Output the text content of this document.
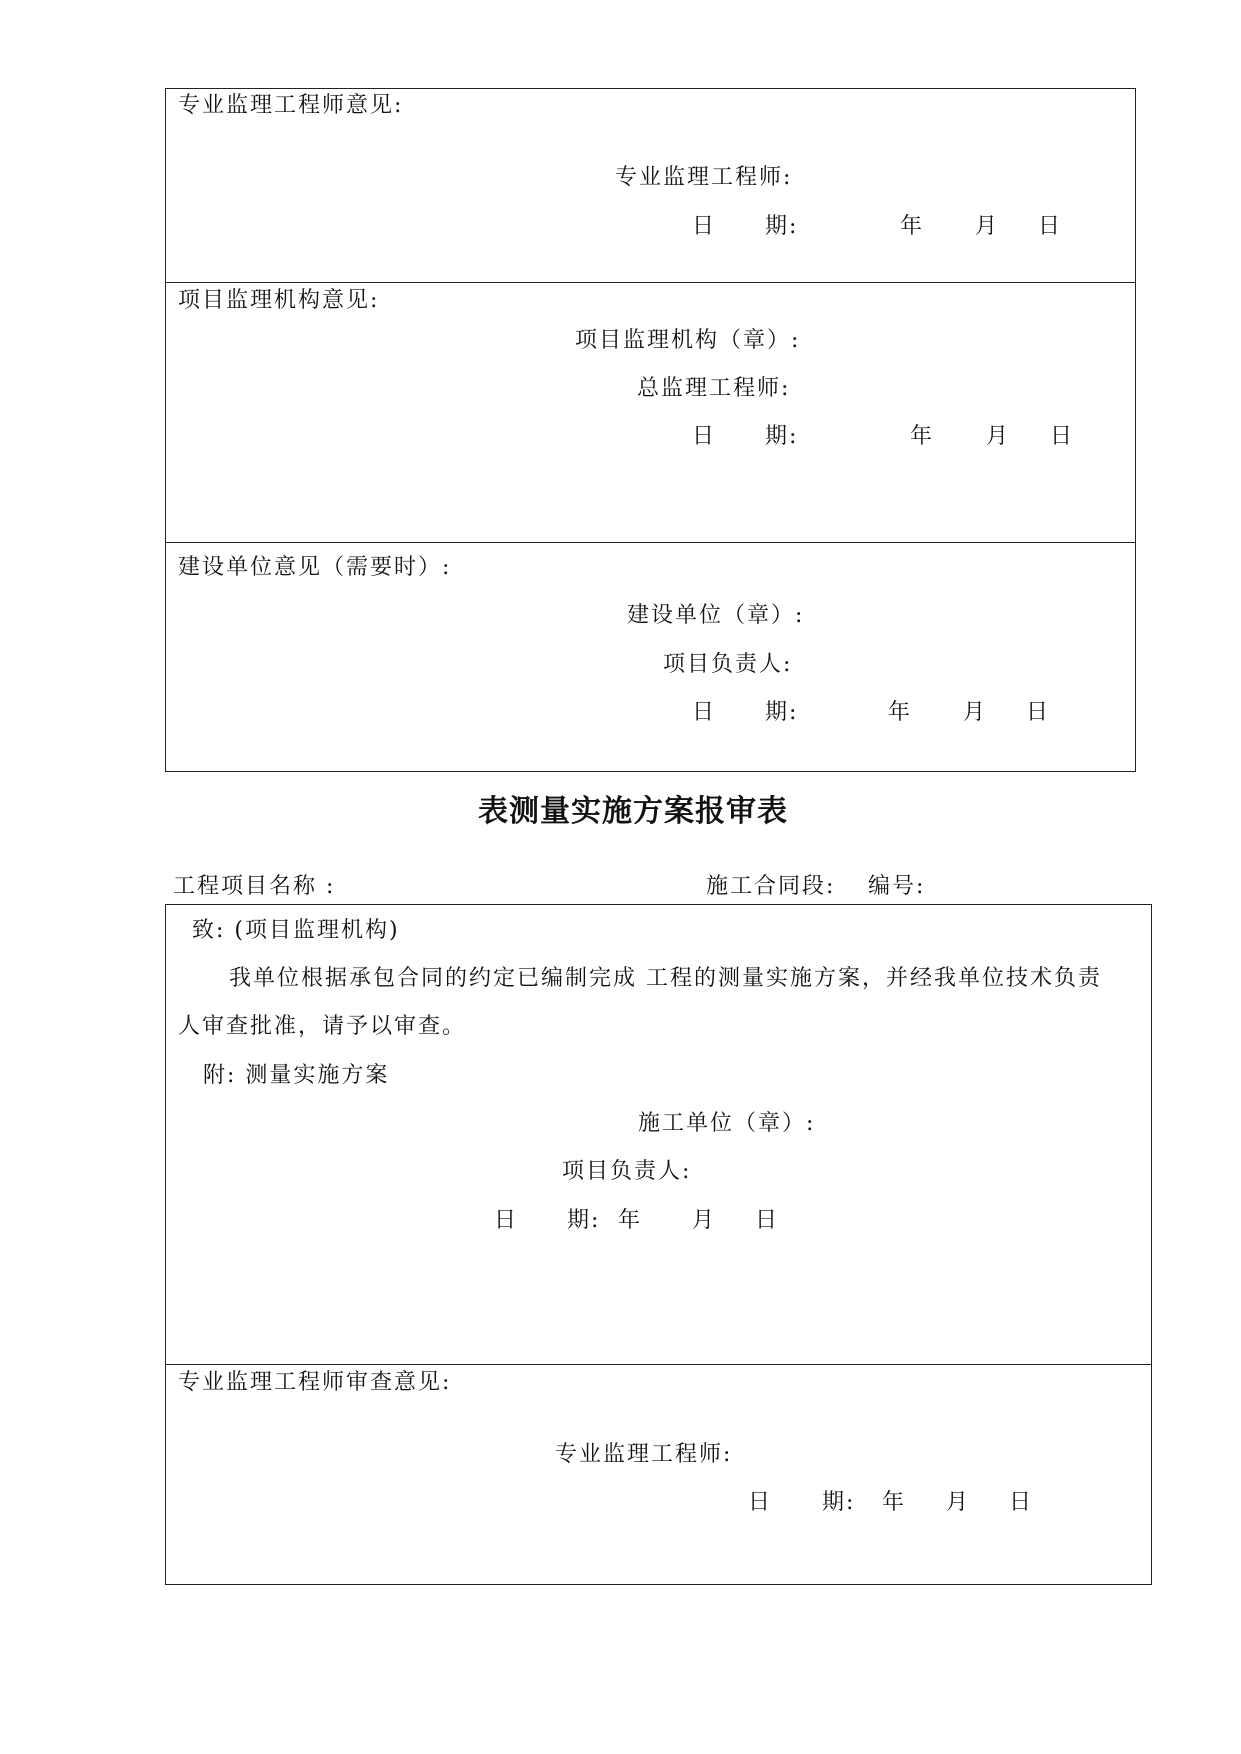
专业监理工程师意见:
专业监理工程师:
日 期:	年 月 日
项目监理机构意见:
项目监理机构（章）:
总监理工程师:
日 期:	年 月 日
建设单位意见（需要时）:
建设单位（章）:
项目负责人:
日 期:	年 月 日
表测量实施方案报审表
工程项目名称 :	施工合同段: 编号:
致: (项目监理机构)
我单位根据承包合同的约定已编制完成 工程的测量实施方案，并经我单位技术负责
人审查批准，请予以审查。
附: 测量实施方案
施工单位（章）:
项目负责人:
日 期: 年 月 日
专业监理工程师审查意见:
专业监理工程师:
日 期: 年 月 日
